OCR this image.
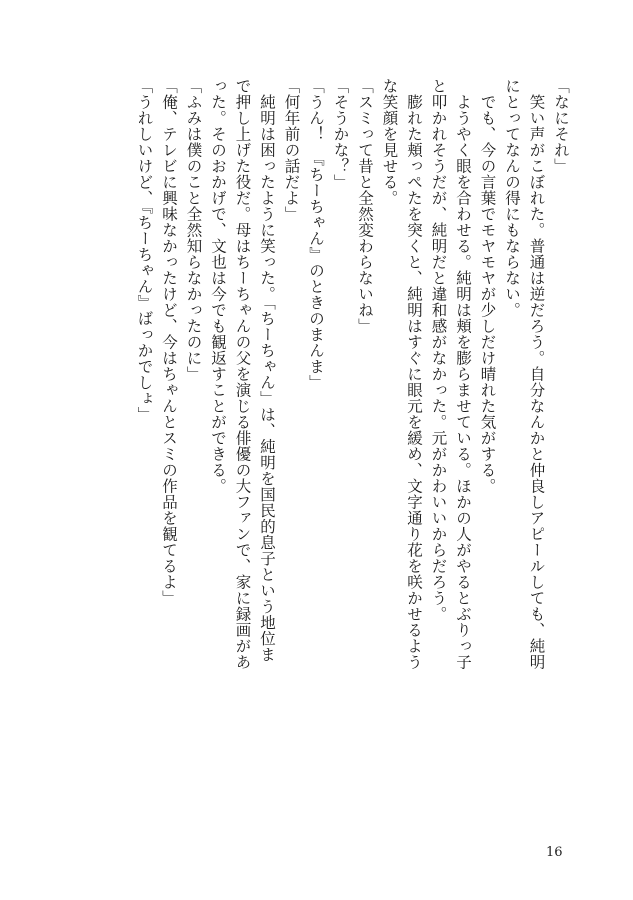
「なにそれ」

　笑い声がこぼれた。普通は逆だろう。自分なんかと仲良しアピールしても、純明にとってなんの得にもならない。

　でも、今の言葉でモヤモヤが少しだけ晴れた気がする。

　ようやく眼を合わせる。純明は頬を膨らませている。ほかの人がやるとぶりっ子と叩かれそうだが、純明だと違和感がなかった。元がかわいいからだろう。

　膨れた頬っぺたを突くと、純明はすぐに眼元を緩め、文字通り花を咲かせるような笑顔を見せる。

「スミって昔と全然変わらないね」

「そうかな？」

「うん！　『ちーちゃん』のときのまんま」

「何年前の話だよ」

　純明は困ったように笑った。「ちーちゃん」は、純明を国民的息子という地位まで押し上げた役だ。母はちーちゃんの父を演じる俳優の大ファンで、家に録画があった。そのおかげで、文也は今でも観返すことができる。

「ふみは僕のこと全然知らなかったのに」

「俺、テレビに興味なかったけど、今はちゃんとスミの作品を観てるよ」

「うれしいけど、『ちーちゃん』ばっかでしょ」

16
